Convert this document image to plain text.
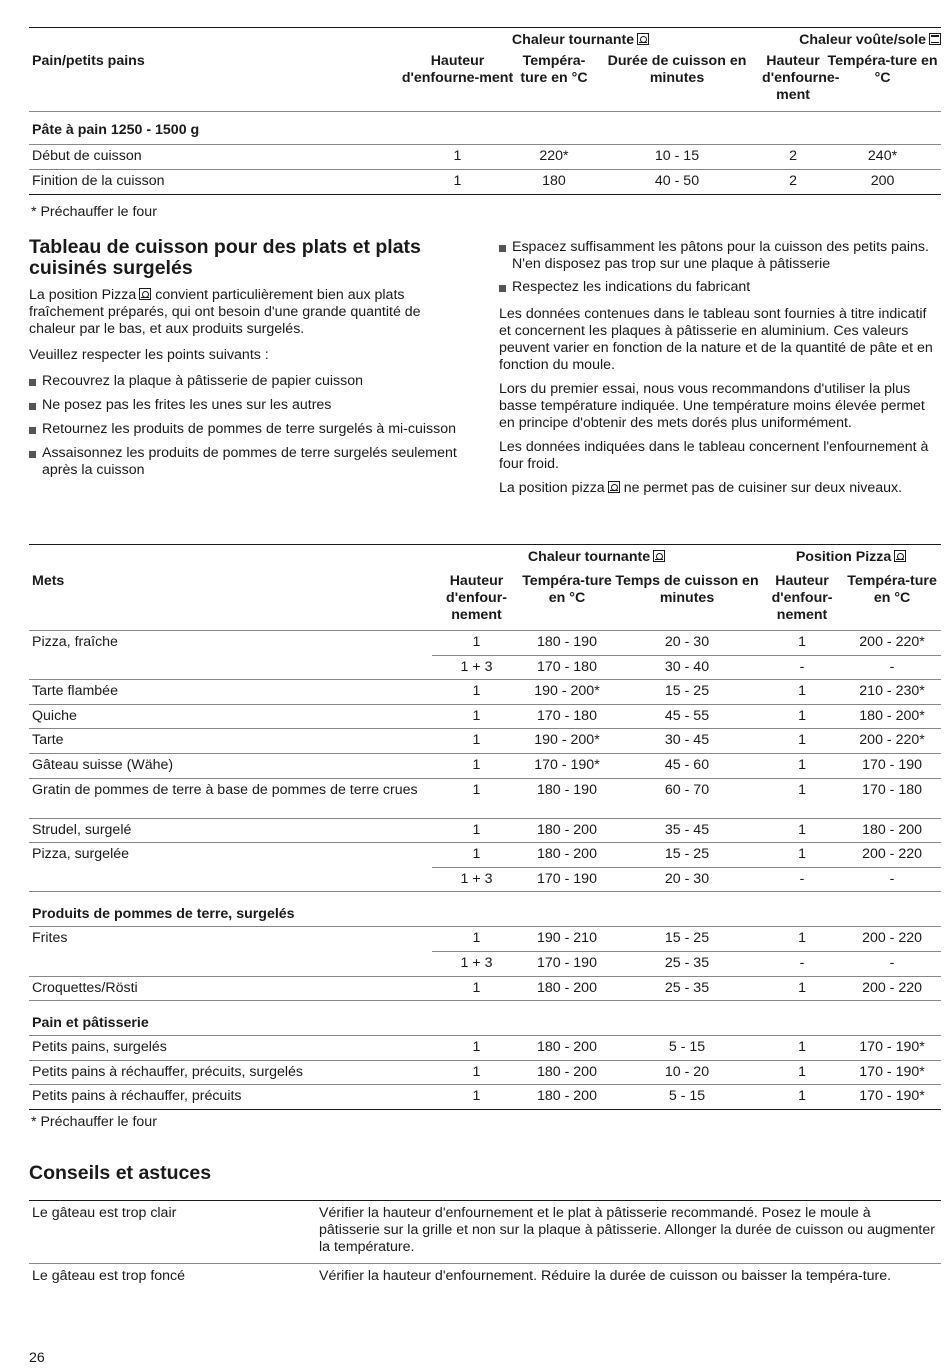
	Chaleur tournante			Chaleur voûte/sole	
Pain/petits pains	Hauteur d'enfourne-ment	Tempéra-ture en °C	Durée de cuisson en minutes	Hauteur d'enfourne-ment	Tempéra-ture en °C
Pâte à pain 1250 - 1500 g					
Début de cuisson	1	220*	10 - 15	2	240*
Finition de la cuisson	1	180	40 - 50	2	200
* Préchauffer le four
Tableau de cuisson pour des plats et plats cuisinés surgelés

La position Pizza convient particulièrement bien aux plats fraîchement préparés, qui ont besoin d'une grande quantité de chaleur par le bas, et aux produits surgelés.

Veuillez respecter les points suivants :

Recouvrez la plaque à pâtisserie de papier cuisson
Ne posez pas les frites les unes sur les autres
Retournez les produits de pommes de terre surgelés à mi-cuisson
Assaisonnez les produits de pommes de terre surgelés seulement après la cuisson
Espacez suffisamment les pâtons pour la cuisson des petits pains. N'en disposez pas trop sur une plaque à pâtisserie
Respectez les indications du fabricant

Les données contenues dans le tableau sont fournies à titre indicatif et concernent les plaques à pâtisserie en aluminium. Ces valeurs peuvent varier en fonction de la nature et de la quantité de pâte et en fonction du moule.

Lors du premier essai, nous vous recommandons d'utiliser la plus basse température indiquée. Une température moins élevée permet en principe d'obtenir des mets dorés plus uniformément.

Les données indiquées dans le tableau concernent l'enfournement à four froid.

La position pizza ne permet pas de cuisiner sur deux niveaux.

	Chaleur tournante			Position Pizza	
Mets	Hauteur d'enfour-nement	Tempéra-ture en °C	Temps de cuisson en minutes	Hauteur d'enfour-nement	Tempéra-ture en °C
Pizza, fraîche	1	180 - 190	20 - 30	1	200 - 220*
	1 + 3	170 - 180	30 - 40	-	-
Tarte flambée	1	190 - 200*	15 - 25	1	210 - 230*
Quiche	1	170 - 180	45 - 55	1	180 - 200*
Tarte	1	190 - 200*	30 - 45	1	200 - 220*
Gâteau suisse (Wähe)	1	170 - 190*	45 - 60	1	170 - 190
Gratin de pommes de terre à base de pommes de terre crues	1	180 - 190	60 - 70	1	170 - 180
Strudel, surgelé	1	180 - 200	35 - 45	1	180 - 200
Pizza, surgelée	1	180 - 200	15 - 25	1	200 - 220
	1 + 3	170 - 190	20 - 30	-	-
Produits de pommes de terre, surgelés					
Frites	1	190 - 210	15 - 25	1	200 - 220
	1 + 3	170 - 190	25 - 35	-	-
Croquettes/Rösti	1	180 - 200	25 - 35	1	200 - 220
Pain et pâtisserie					
Petits pains, surgelés	1	180 - 200	5 - 15	1	170 - 190*
Petits pains à réchauffer, précuits, surgelés	1	180 - 200	10 - 20	1	170 - 190*
Petits pains à réchauffer, précuits	1	180 - 200	5 - 15	1	170 - 190*
* Préchauffer le four
Conseils et astuces
Le gâteau est trop clair	Vérifier la hauteur d'enfournement et le plat à pâtisserie recommandé. Posez le moule à pâtisserie sur la grille et non sur la plaque à pâtisserie. Allonger la durée de cuisson ou augmenter la température.
Le gâteau est trop foncé	Vérifier la hauteur d'enfournement. Réduire la durée de cuisson ou baisser la tempéra-ture.
26
